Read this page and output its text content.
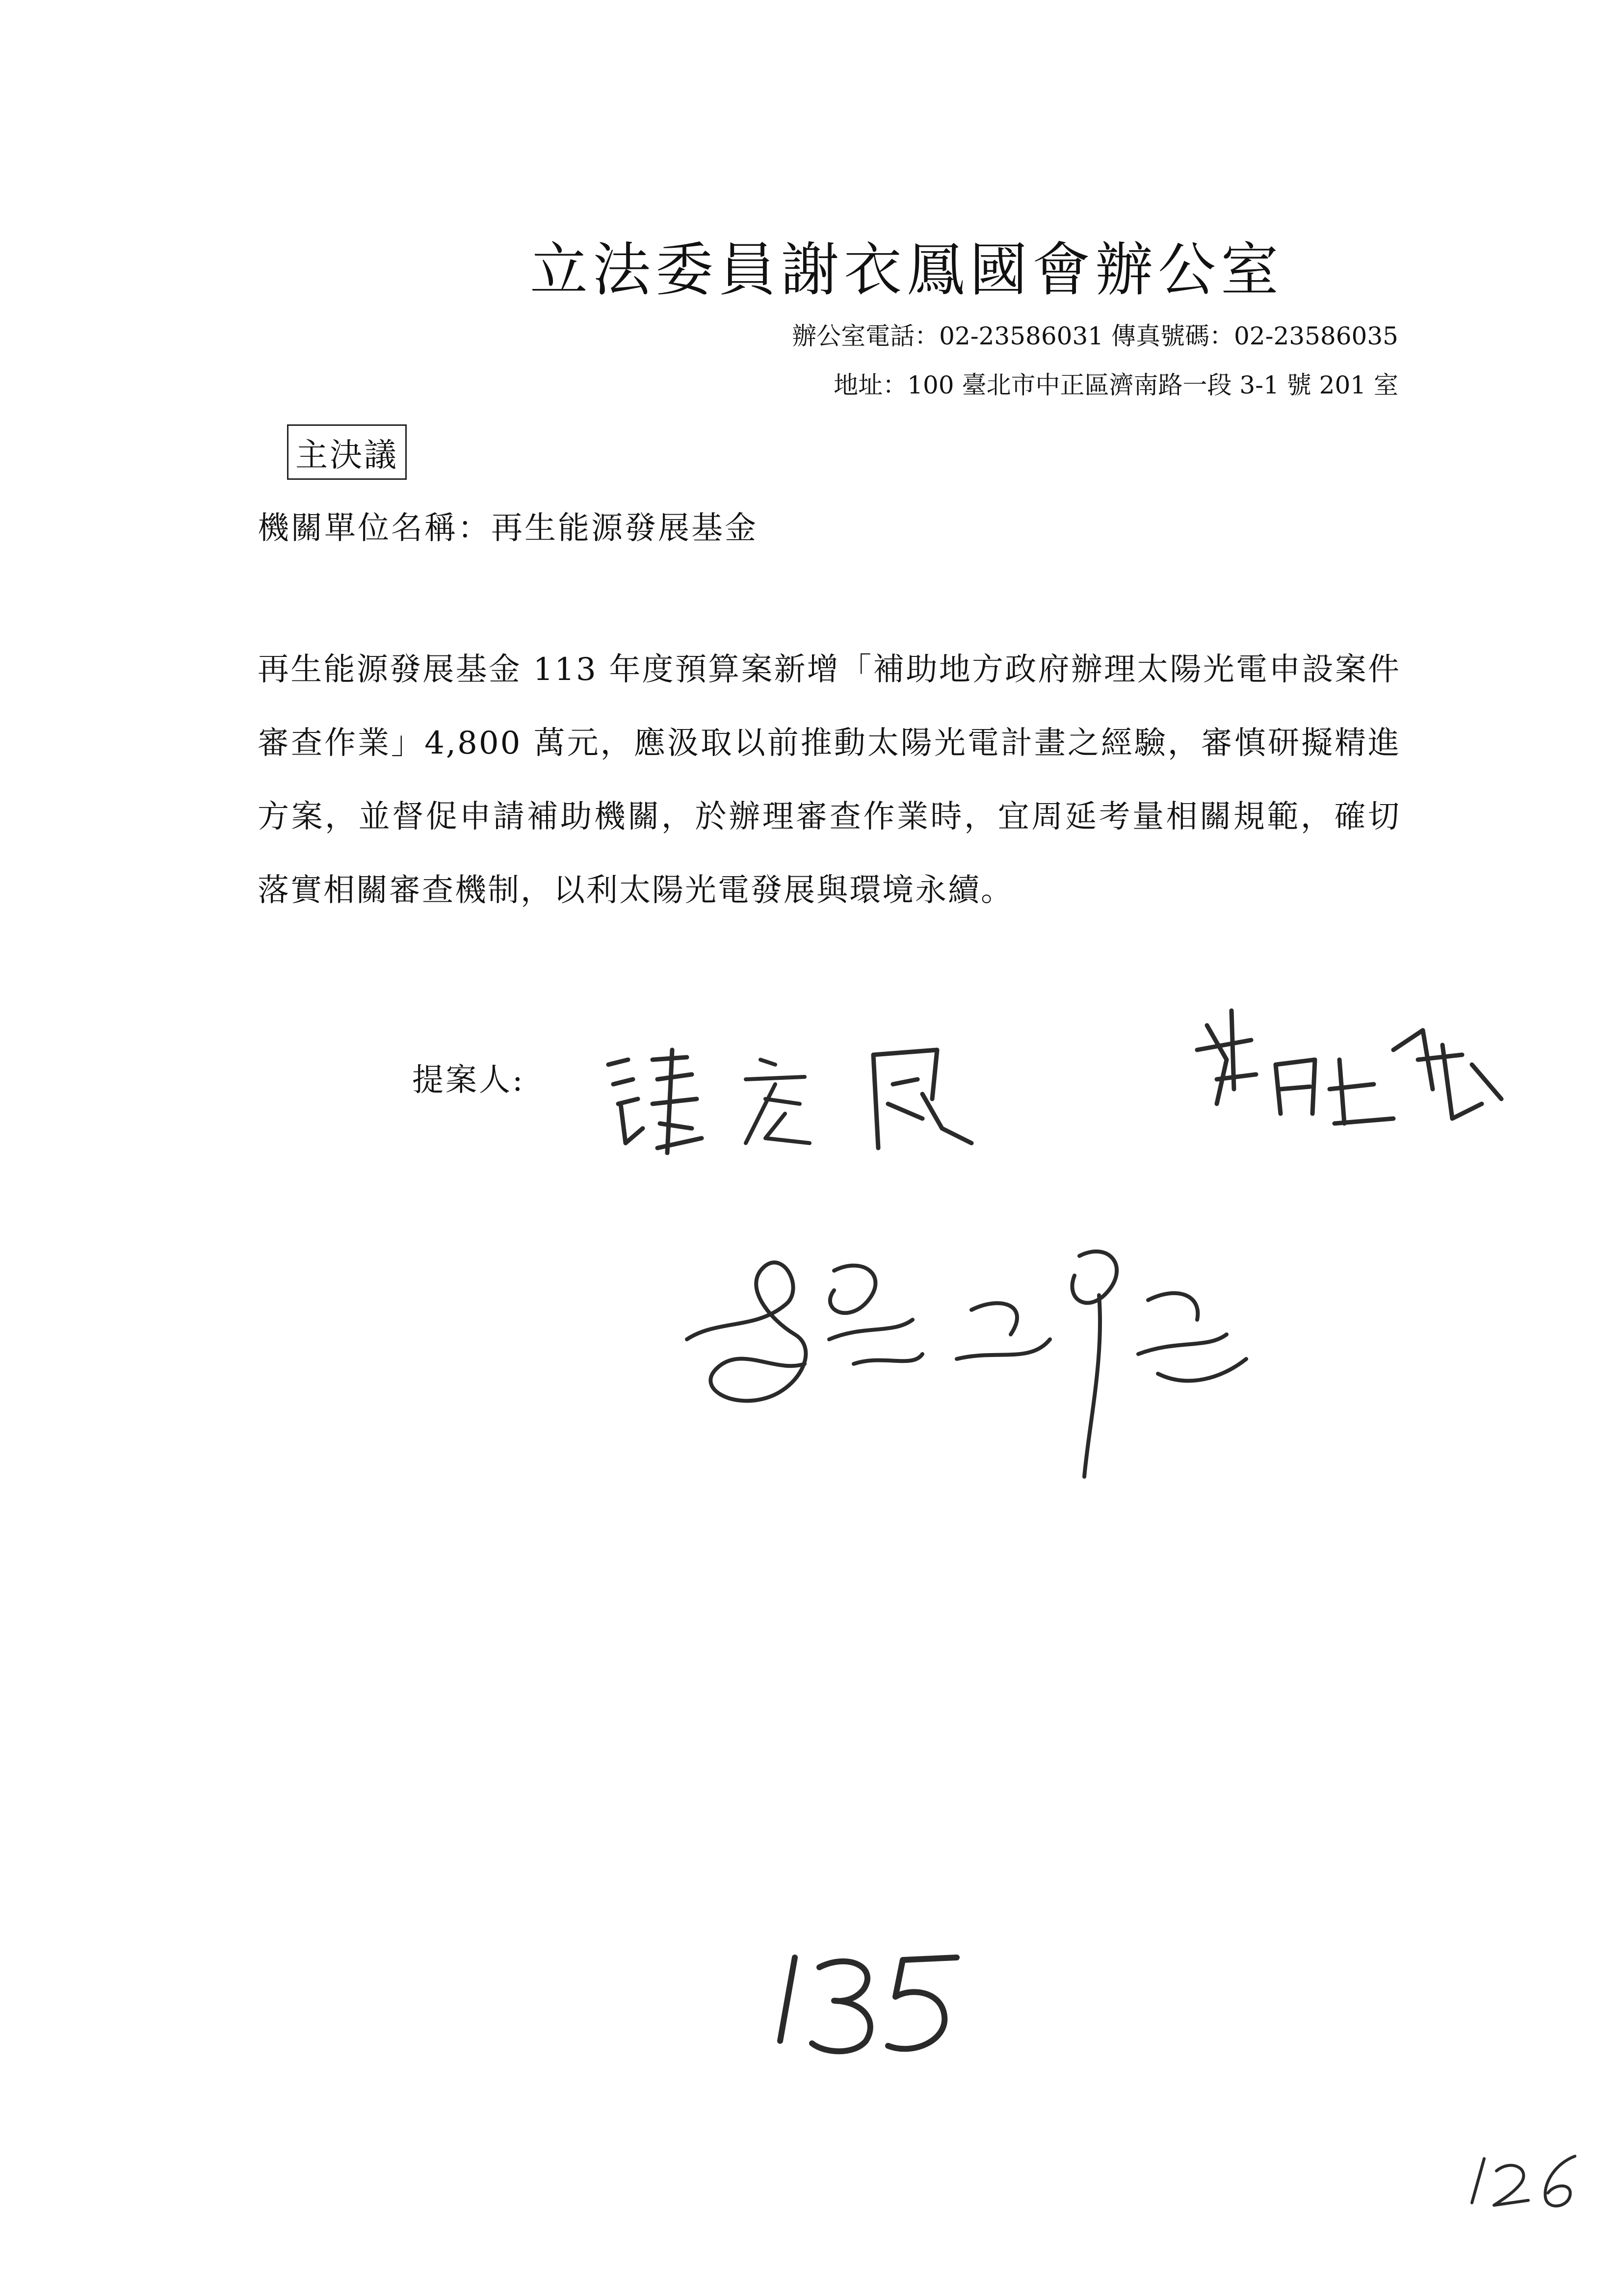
立法委員謝衣鳳國會辦公室
辦公室電話：02-23586031 傳真號碼：02-23586035
地址：100 臺北市中正區濟南路一段 3-1 號 201 室
主決議
機關單位名稱：再生能源發展基金
再生能源發展基金 113 年度預算案新增「補助地方政府辦理太陽光電申設案件審查作業」4,800 萬元，應汲取以前推動太陽光電計畫之經驗，審慎研擬精進方案，並督促申請補助機關，於辦理審查作業時，宜周延考量相關規範，確切落實相關審查機制，以利太陽光電發展與環境永續。
提案人:
